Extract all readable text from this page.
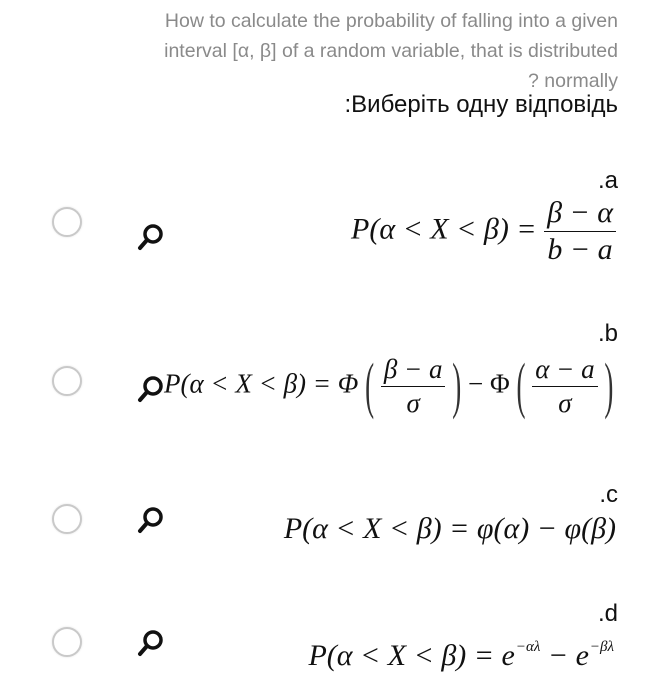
How to calculate the probability of falling into a given
interval [α, β] of a random variable, that is distributed
? normally
:Виберіть одну відповідь
.a
$P(\alpha < X < \beta) = \frac{\beta - \alpha}{b - a}$
.b
P(α < X < β) = Φ ( $\frac{\beta - a}{\sigma}$ ) − Φ ( $\frac{\alpha - a}{\sigma}$ )
.c
P(α < X < β) = φ(α) − φ(β)
.d
$P(\alpha < X < \beta) = e^{-\alpha\lambda} - e^{-\beta\lambda}$
